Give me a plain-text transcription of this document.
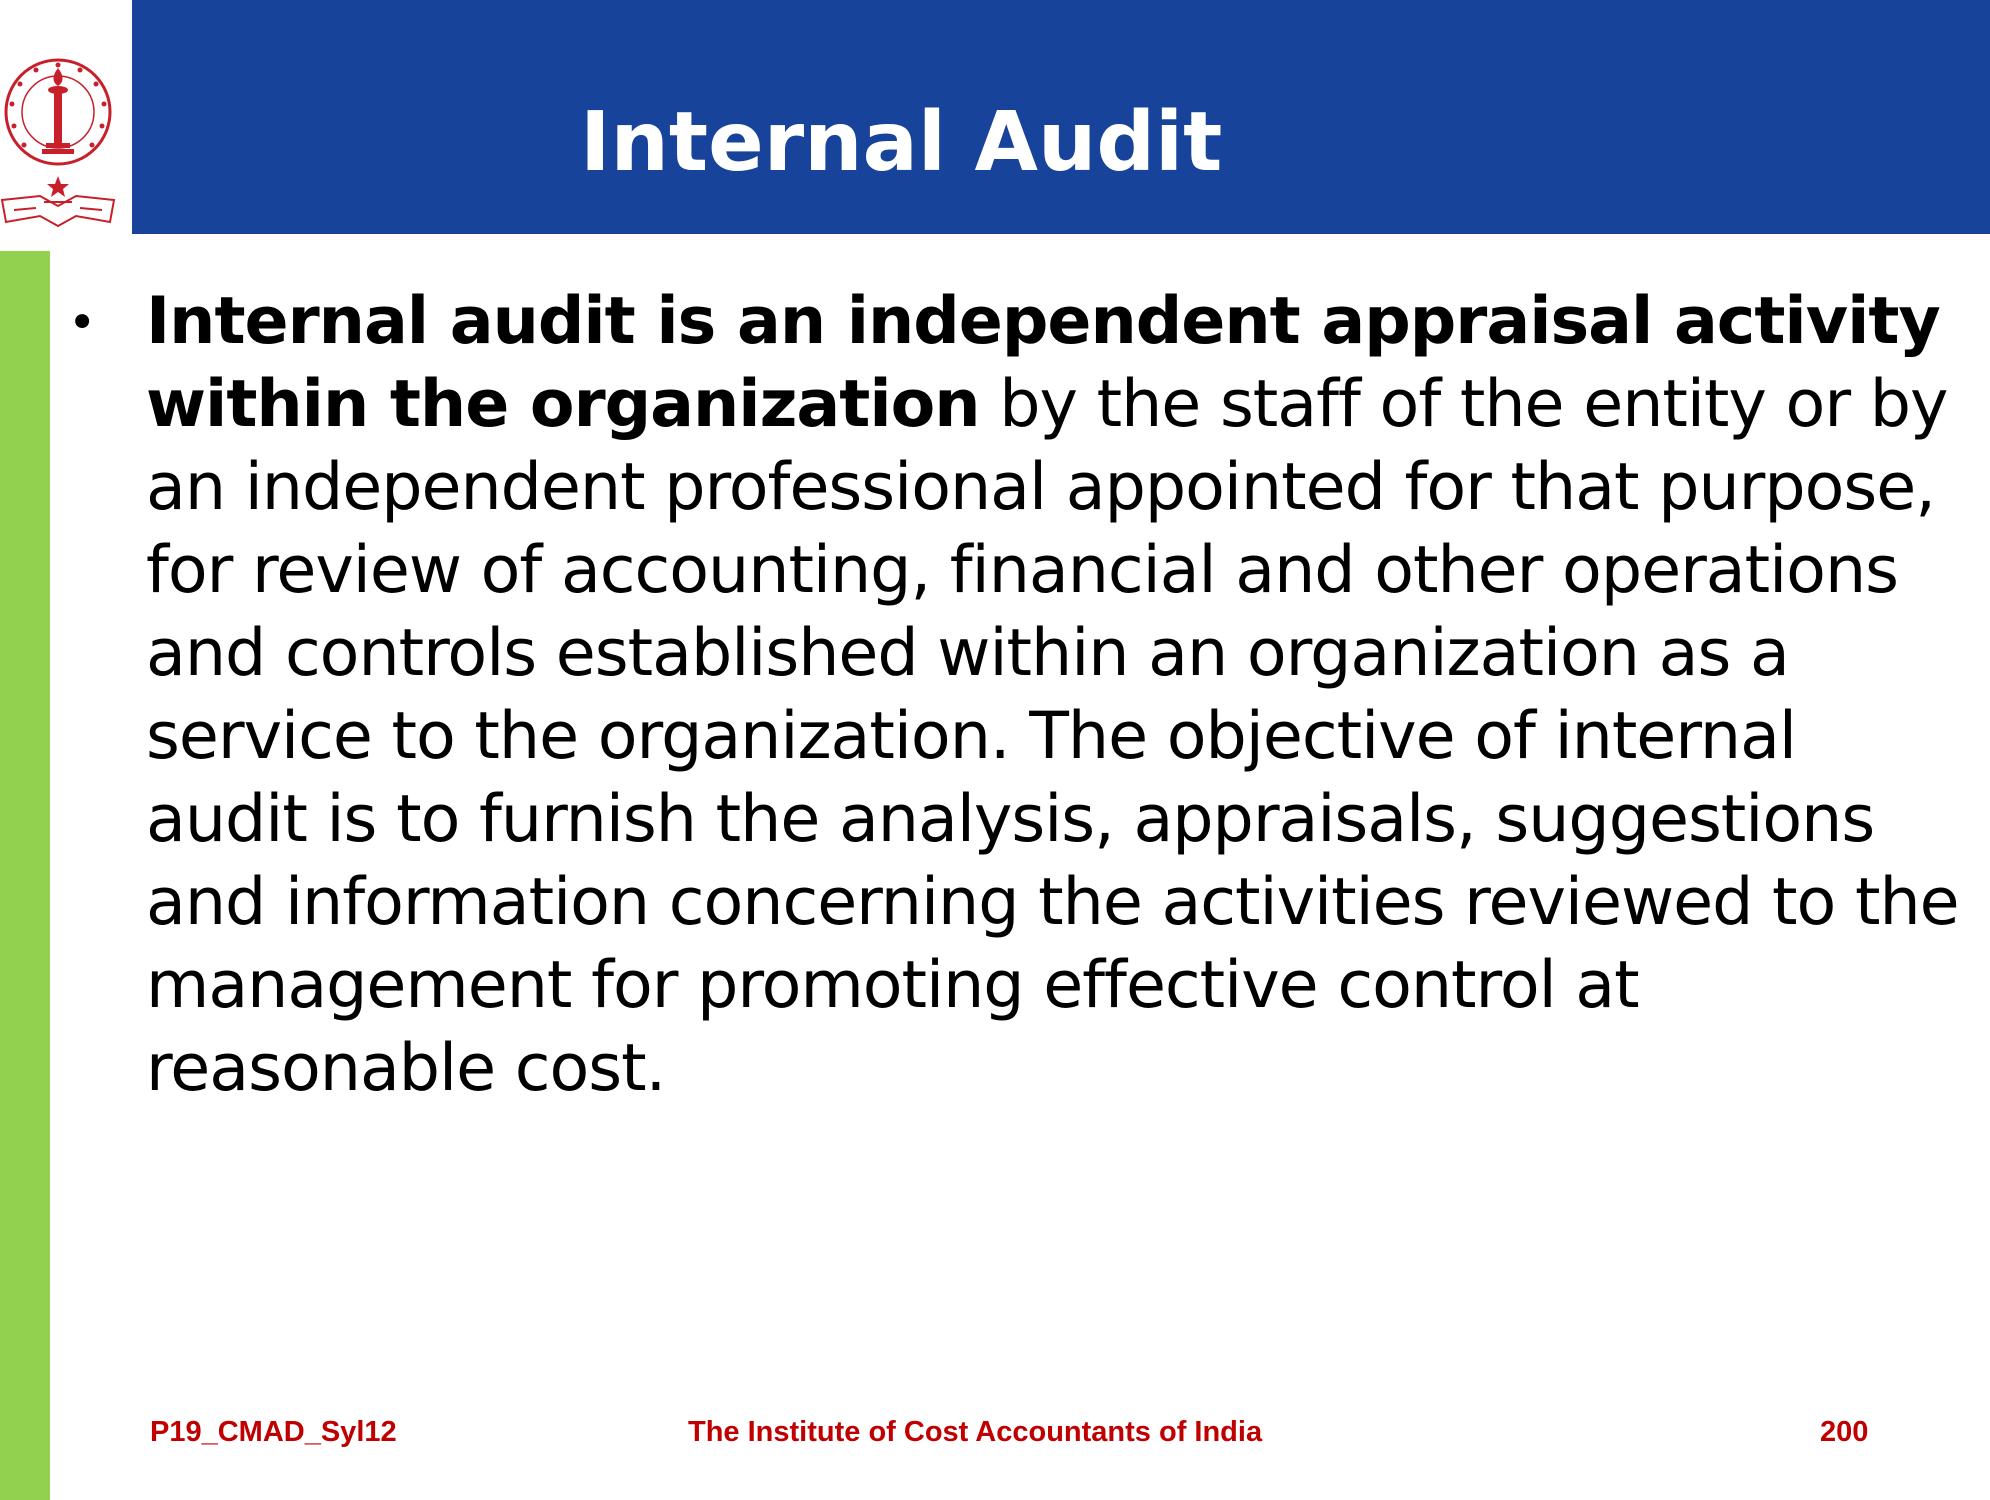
Internal Audit
• Internal audit is an independent appraisal activity within the organization by the staff of the entity or by an independent professional appointed for that purpose, for review of accounting, financial and other operations and controls established within an organization as a service to the organization. The objective of internal audit is to furnish the analysis, appraisals, suggestions and information concerning the activities reviewed to the management for promoting effective control at reasonable cost.

P19_CMAD_Syl12	The Institute of Cost Accountants of India	200
